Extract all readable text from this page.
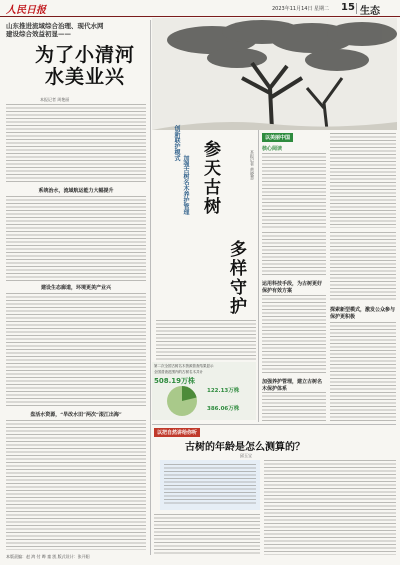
人民日报	2023年11月14日 星期二 15 生态
山东推进流域综合治理、现代水网
建设综合效益初显——
为了小清河
水美业兴
本报记者 周艳丽
系统治水，流域航运能力大幅提升
建设生态廊道，环境更美产业兴
盘活水资源，“旱改水田”两次“滚江出海”
创新联护模式
加强古树名木养护管理 参天古树
多样守护
本报记者 黄晓慧
第二次全国古树名木资源普查结果显示
全国普查范围内的古树名木共计
508.19万株
122.13万株
386.06万株
以美丽中国
核心阅读
运用科技手段，为古树更好保护有效方案
加强养护管理，建立古树名木保护体系
探索新型模式，激发公众参与保护更积极
以把自然讲给你听
古树的年龄是怎么测算的？
邱玉宝
本版责编：赵 鸿 付 晔 童 凯 版式设计：张开阳
